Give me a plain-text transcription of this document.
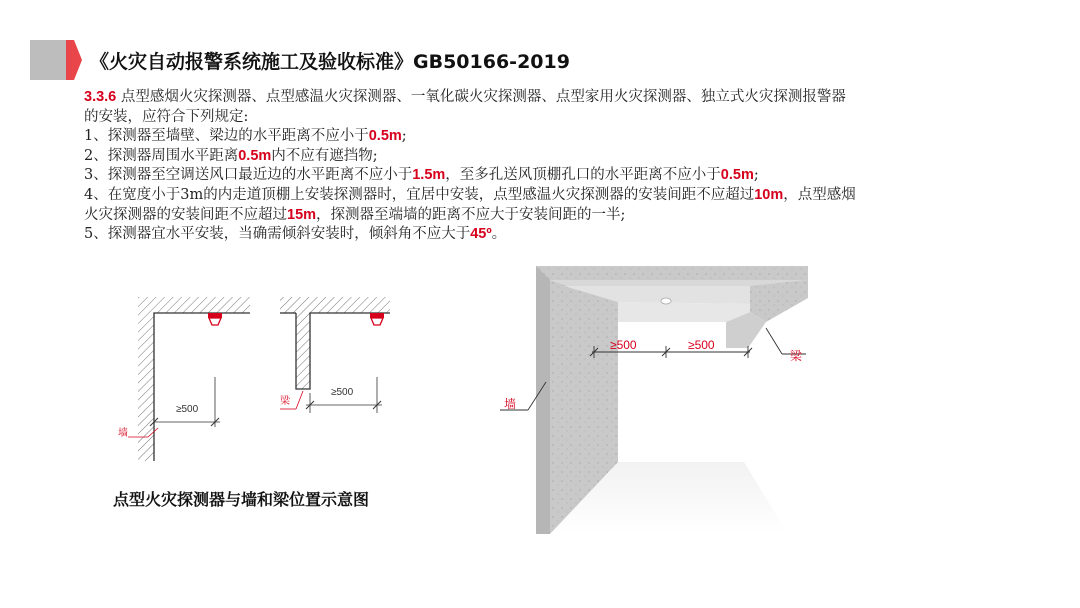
《火灾自动报警系统施工及验收标准》GB50166-2019
3.3.6 点型感烟火灾探测器、点型感温火灾探测器、一氧化碳火灾探测器、点型家用火灾探测器、独立式火灾探测报警器
的安装，应符合下列规定:
1、探测器至墙壁、梁边的水平距离不应小于0.5m;
2、探测器周围水平距离0.5m内不应有遮挡物;
3、探测器至空调送风口最近边的水平距离不应小于1.5m，至多孔送风顶棚孔口的水平距离不应小于0.5m;
4、在宽度小于3m的内走道顶棚上安装探测器时，宜居中安装，点型感温火灾探测器的安装间距不应超过10m，点型感烟
火灾探测器的安装间距不应超过15m，探测器至端墙的距离不应大于安装间距的一半;
5、探测器宜水平安装，当确需倾斜安装时，倾斜角不应大于45º。
≥500
墙
≥500
梁
点型火灾探测器与墙和梁位置示意图
≥500	≥500
梁
墙
